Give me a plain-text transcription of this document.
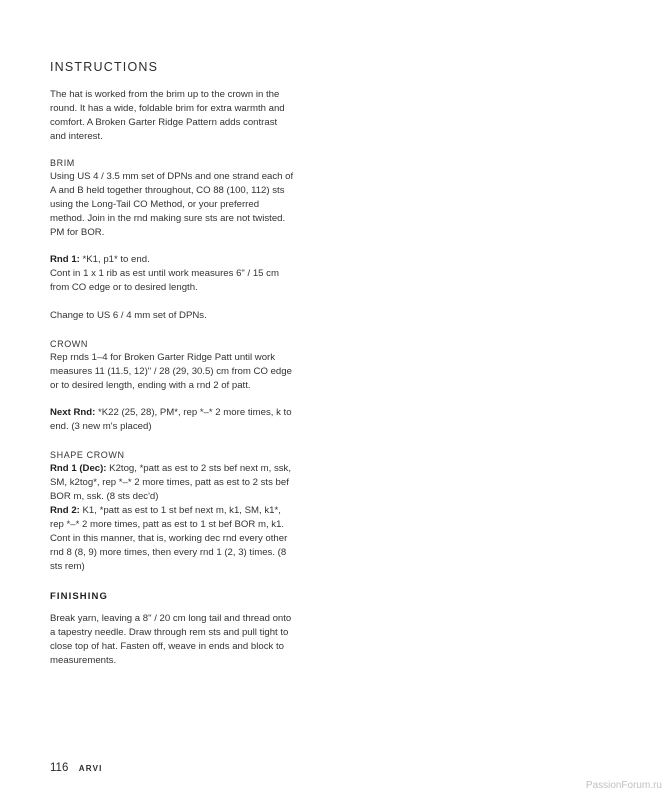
INSTRUCTIONS

The hat is worked from the brim up to the crown in the round. It has a wide, foldable brim for extra warmth and comfort. A Broken Garter Ridge Pattern adds contrast and interest.

BRIM

Using US 4 / 3.5 mm set of DPNs and one strand each of A and B held together throughout, CO 88 (100, 112) sts using the Long-Tail CO Method, or your preferred method. Join in the rnd making sure sts are not twisted. PM for BOR.

Rnd 1: *K1, p1* to end.

Cont in 1 x 1 rib as est until work measures 6" / 15 cm from CO edge or to desired length.

Change to US 6 / 4 mm set of DPNs.

CROWN

Rep rnds 1–4 for Broken Garter Ridge Patt until work measures 11 (11.5, 12)" / 28 (29, 30.5) cm from CO edge or to desired length, ending with a rnd 2 of patt.

Next Rnd: *K22 (25, 28), PM*, rep *–* 2 more times, k to end. (3 new m's placed)

SHAPE CROWN

Rnd 1 (Dec): K2tog, *patt as est to 2 sts bef next m, ssk, SM, k2tog*, rep *–* 2 more times, patt as est to 2 sts bef BOR m, ssk. (8 sts dec'd)

Rnd 2: K1, *patt as est to 1 st bef next m, k1, SM, k1*, rep *–* 2 more times, patt as est to 1 st bef BOR m, k1.

Cont in this manner, that is, working dec rnd every other rnd 8 (8, 9) more times, then every rnd 1 (2, 3) times. (8 sts rem)

FINISHING

Break yarn, leaving a 8" / 20 cm long tail and thread onto a tapestry needle. Draw through rem sts and pull tight to close top of hat. Fasten off, weave in ends and block to measurements.

116 ARVI
PassionForum.ru
